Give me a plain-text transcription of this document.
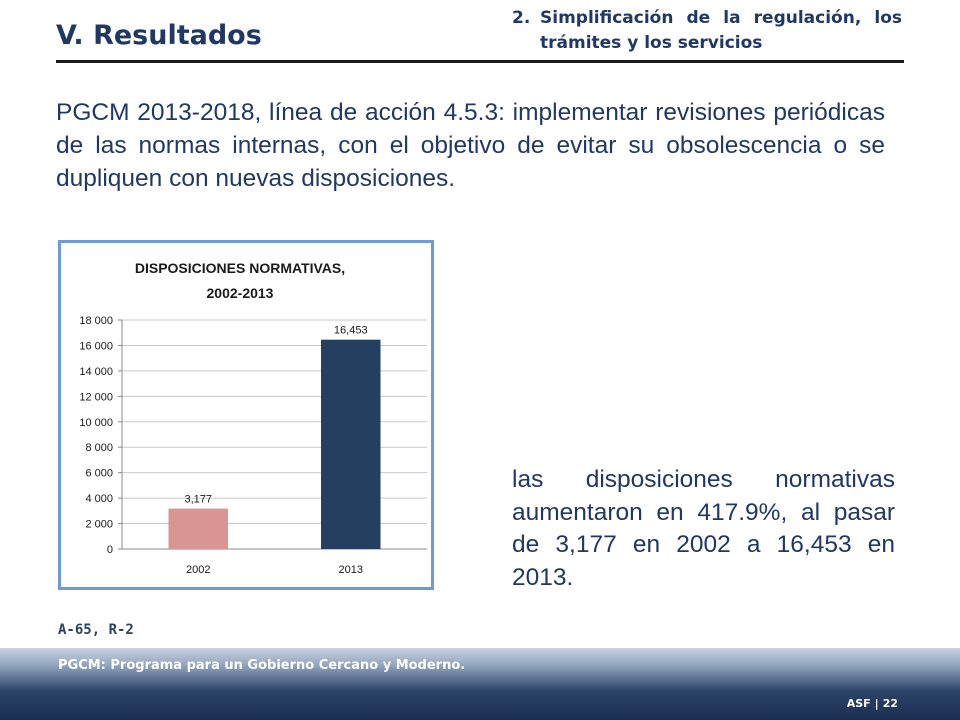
V. Resultados
2. Simplificación de la regulación, los trámites y los servicios
PGCM 2013-2018, línea de acción 4.5.3: implementar revisiones periódicas de las normas internas, con el objetivo de evitar su obsolescencia o se dupliquen con nuevas disposiciones.
DISPOSICIONES NORMATIVAS,
2002-2013
0
2 000
4 000
6 000
8 000
10 000
12 000
14 000
16 000
18 000
3,177
2002
16,453
2013
las disposiciones normativas aumentaron en 417.9%, al pasar de 3,177 en 2002 a 16,453 en 2013.
A-65, R-2
PGCM: Programa para un Gobierno Cercano y Moderno.
ASF | 22
